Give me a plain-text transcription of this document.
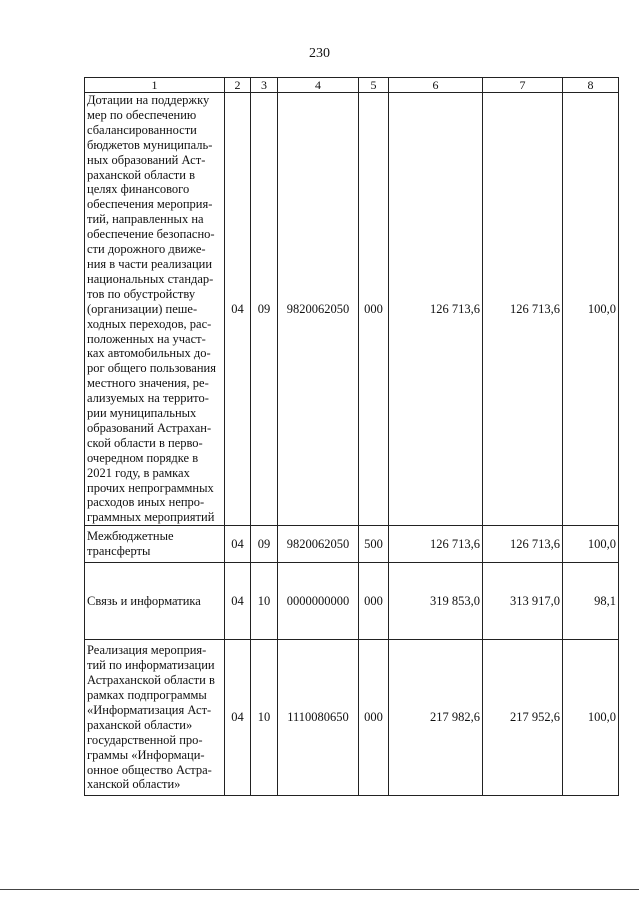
230
1	2	3	4	5	6	7	8
Дотации на поддержку мер по обеспечению сбалансированности бюджетов муниципаль-ных образований Аст-раханской области в целях финансового обеспечения мероприя-тий, направленных на обеспечение безопасно-сти дорожного движе-ния в части реализации национальных стандар-тов по обустройству (организации) пеше-ходных переходов, рас-положенных на участ-ках автомобильных до-рог общего пользования местного значения, ре-ализуемых на террито-рии муниципальных образований Астрахан-ской области в перво-очередном порядке в 2021 году, в рамках прочих непрограммных расходов иных непро-граммных мероприятий	04	09	9820062050	000	126 713,6	126 713,6	100,0
Межбюджетные трансферты	04	09	9820062050	500	126 713,6	126 713,6	100,0
Связь и информатика	04	10	0000000000	000	319 853,0	313 917,0	98,1
Реализация мероприя-тий по информатизации Астраханской области в рамках подпрограммы «Информатизация Аст-раханской области» государственной про-граммы «Информаци-онное общество Астра-ханской области»	04	10	1110080650	000	217 982,6	217 952,6	100,0
